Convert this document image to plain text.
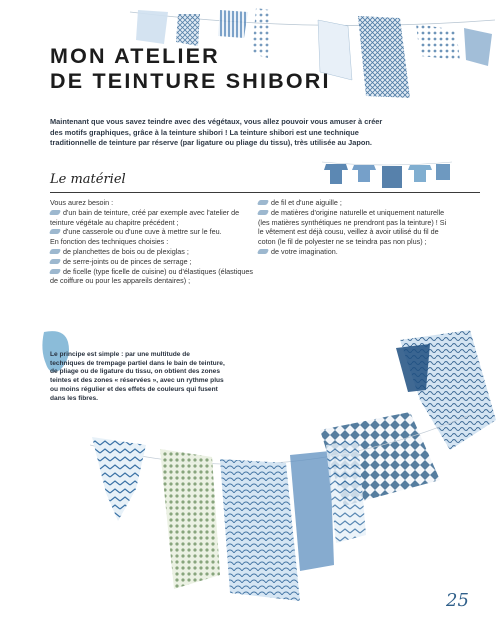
MON ATELIER
DE TEINTURE SHIBORI

Maintenant que vous savez teindre avec des végétaux, vous allez pouvoir vous amuser à créer des motifs graphiques, grâce à la teinture shibori ! La teinture shibori est une technique traditionnelle de teinture par réserve (par ligature ou pliage du tissu), très utilisée au Japon.

Le matériel

Vous aurez besoin :

d'un bain de teinture, créé par exemple avec l'atelier de teinture végétale au chapitre précédent ;

d'une casserole ou d'une cuve à mettre sur le feu.

En fonction des techniques choisies :

de planchettes de bois ou de plexiglas ;

de serre-joints ou de pinces de serrage ;

de ficelle (type ficelle de cuisine) ou d'élastiques (élastiques de coiffure ou pour les appareils dentaires) ;

de fil et d'une aiguille ;

de matières d'origine naturelle et uniquement naturelle (les matières synthétiques ne prendront pas la teinture) ! Si le vêtement est déjà cousu, veillez à avoir utilisé du fil de coton (le fil de polyester ne se teindra pas non plus) ;

de votre imagination.

Le principe est simple : par une multitude de techniques de trempage partiel dans le bain de teinture, de pliage ou de ligature du tissu, on obtient des zones teintes et des zones « réservées », avec un rythme plus ou moins régulier et des effets de couleurs qui fusent dans les fibres.

25
